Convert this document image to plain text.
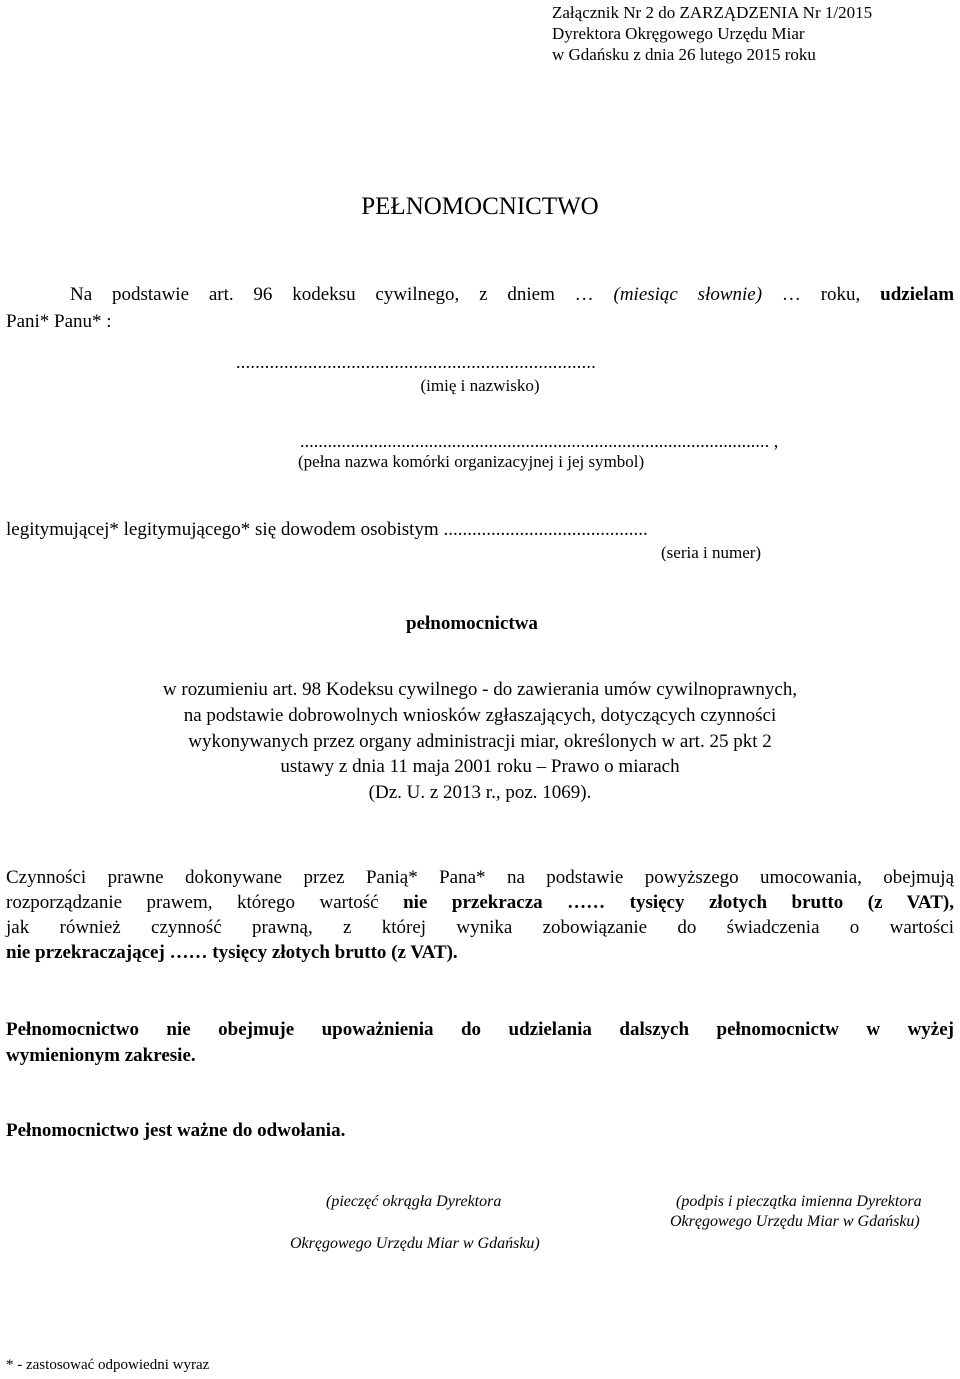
Załącznik Nr 2 do ZARZĄDZENIA Nr 1/2015
Dyrektora Okręgowego Urzędu Miar
w Gdańsku z dnia 26 lutego 2015 roku
PEŁNOMOCNICTWO
Na podstawie art. 96 kodeksu cywilnego, z dniem … (miesiąc słownie) … roku, udzielam
Pani* Panu* :
...........................................................................
(imię i nazwisko)
...................................................................................................... ,
(pełna nazwa komórki organizacyjnej i jej symbol)
legitymującej* legitymującego* się dowodem osobistym ...........................................
(seria i numer)
pełnomocnictwa
w rozumieniu art. 98 Kodeksu cywilnego - do zawierania umów cywilnoprawnych,
na podstawie dobrowolnych wniosków zgłaszających, dotyczących czynności
wykonywanych przez organy administracji miar, określonych w art. 25 pkt 2
ustawy z dnia 11 maja 2001 roku – Prawo o miarach
(Dz. U. z 2013 r., poz. 1069).
Czynności prawne dokonywane przez Panią* Pana* na podstawie powyższego umocowania, obejmują
rozporządzanie prawem, którego wartość nie przekracza …… tysięcy złotych brutto (z VAT),
jak również czynność prawną, z której wynika zobowiązanie do świadczenia o wartości
nie przekraczającej …… tysięcy złotych brutto (z VAT).
Pełnomocnictwo nie obejmuje upoważnienia do udzielania dalszych pełnomocnictw w wyżej
wymienionym zakresie.
Pełnomocnictwo jest ważne do odwołania.
(pieczęć okrągła Dyrektora
Okręgowego Urzędu Miar w Gdańsku)
(podpis i pieczątka imienna Dyrektora
Okręgowego Urzędu Miar w Gdańsku)
* - zastosować odpowiedni wyraz
